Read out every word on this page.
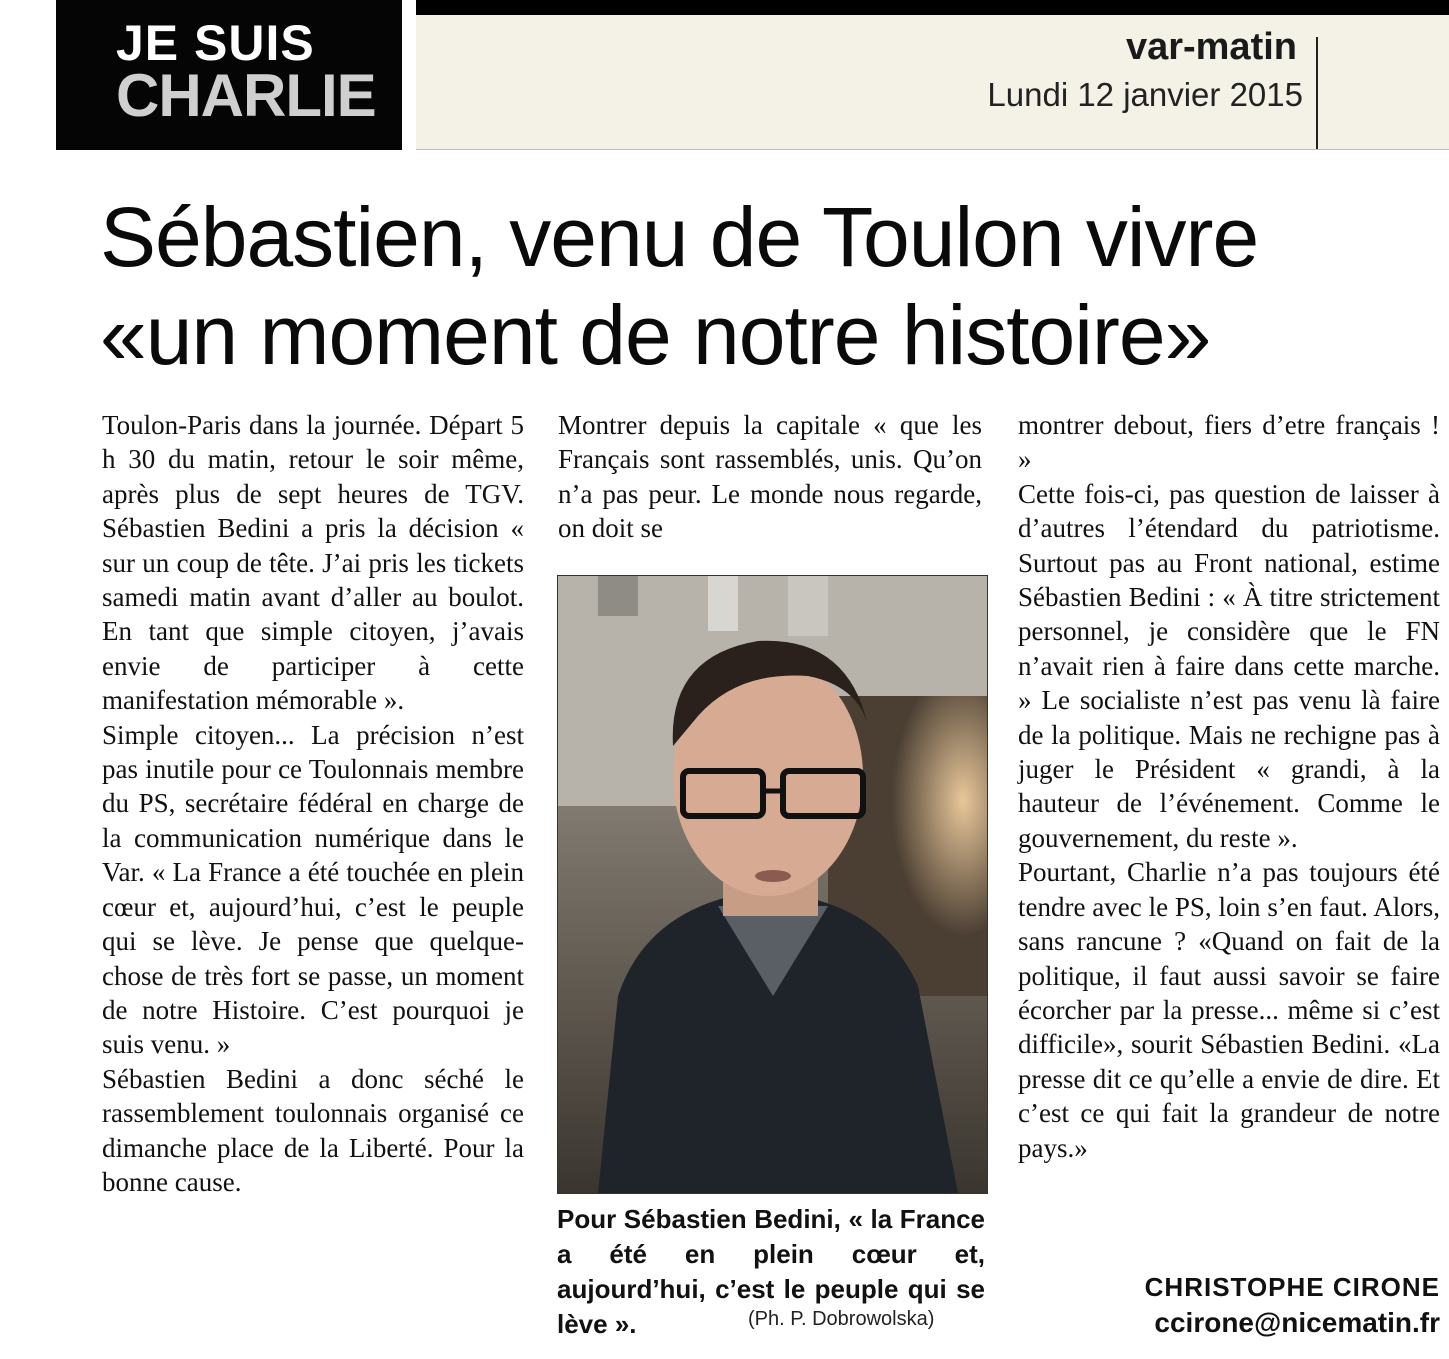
JE SUIS
CHARLIE
var-matin
Lundi 12 janvier 2015
Sébastien, venu de Toulon vivre
«un moment de notre histoire»

Toulon-Paris dans la journée. Départ 5 h 30 du matin, retour le soir même, après plus de sept heures de TGV. Sébastien Bedini a pris la décision « sur un coup de tête. J’ai pris les tickets samedi matin avant d’aller au boulot. En tant que simple citoyen, j’avais envie de participer à cette manifestation mémorable ».

Simple citoyen... La précision n’est pas inutile pour ce Toulonnais membre du PS, secrétaire fédéral en charge de la communication numérique dans le Var. « La France a été touchée en plein cœur et, aujourd’hui, c’est le peuple qui se lève. Je pense que quelque-chose de très fort se passe, un moment de notre Histoire. C’est pourquoi je suis venu. »

Sébastien Bedini a donc séché le rassemblement toulonnais organisé ce dimanche place de la Liberté. Pour la bonne cause.

Montrer depuis la capitale « que les Français sont rassemblés, unis. Qu’on n’a pas peur. Le monde nous regarde, on doit se

Pour Sébastien Bedini, « la France a été en plein cœur et, aujourd’hui, c’est le peuple qui se lève ».	(Ph. P. Dobrowolska)

montrer debout, fiers d’etre français ! »

Cette fois-ci, pas question de laisser à d’autres l’étendard du patriotisme. Surtout pas au Front national, estime Sébastien Bedini : « À titre strictement personnel, je considère que le FN n’avait rien à faire dans cette marche. » Le socialiste n’est pas venu là faire de la politique. Mais ne rechigne pas à juger le Président « grandi, à la hauteur de l’événement. Comme le gouvernement, du reste ».

Pourtant, Charlie n’a pas toujours été tendre avec le PS, loin s’en faut. Alors, sans rancune ? «Quand on fait de la politique, il faut aussi savoir se faire écorcher par la presse... même si c’est difficile», sourit Sébastien Bedini. «La presse dit ce qu’elle a envie de dire. Et c’est ce qui fait la grandeur de notre pays.»

CHRISTOPHE CIRONE
ccirone@nicematin.fr
